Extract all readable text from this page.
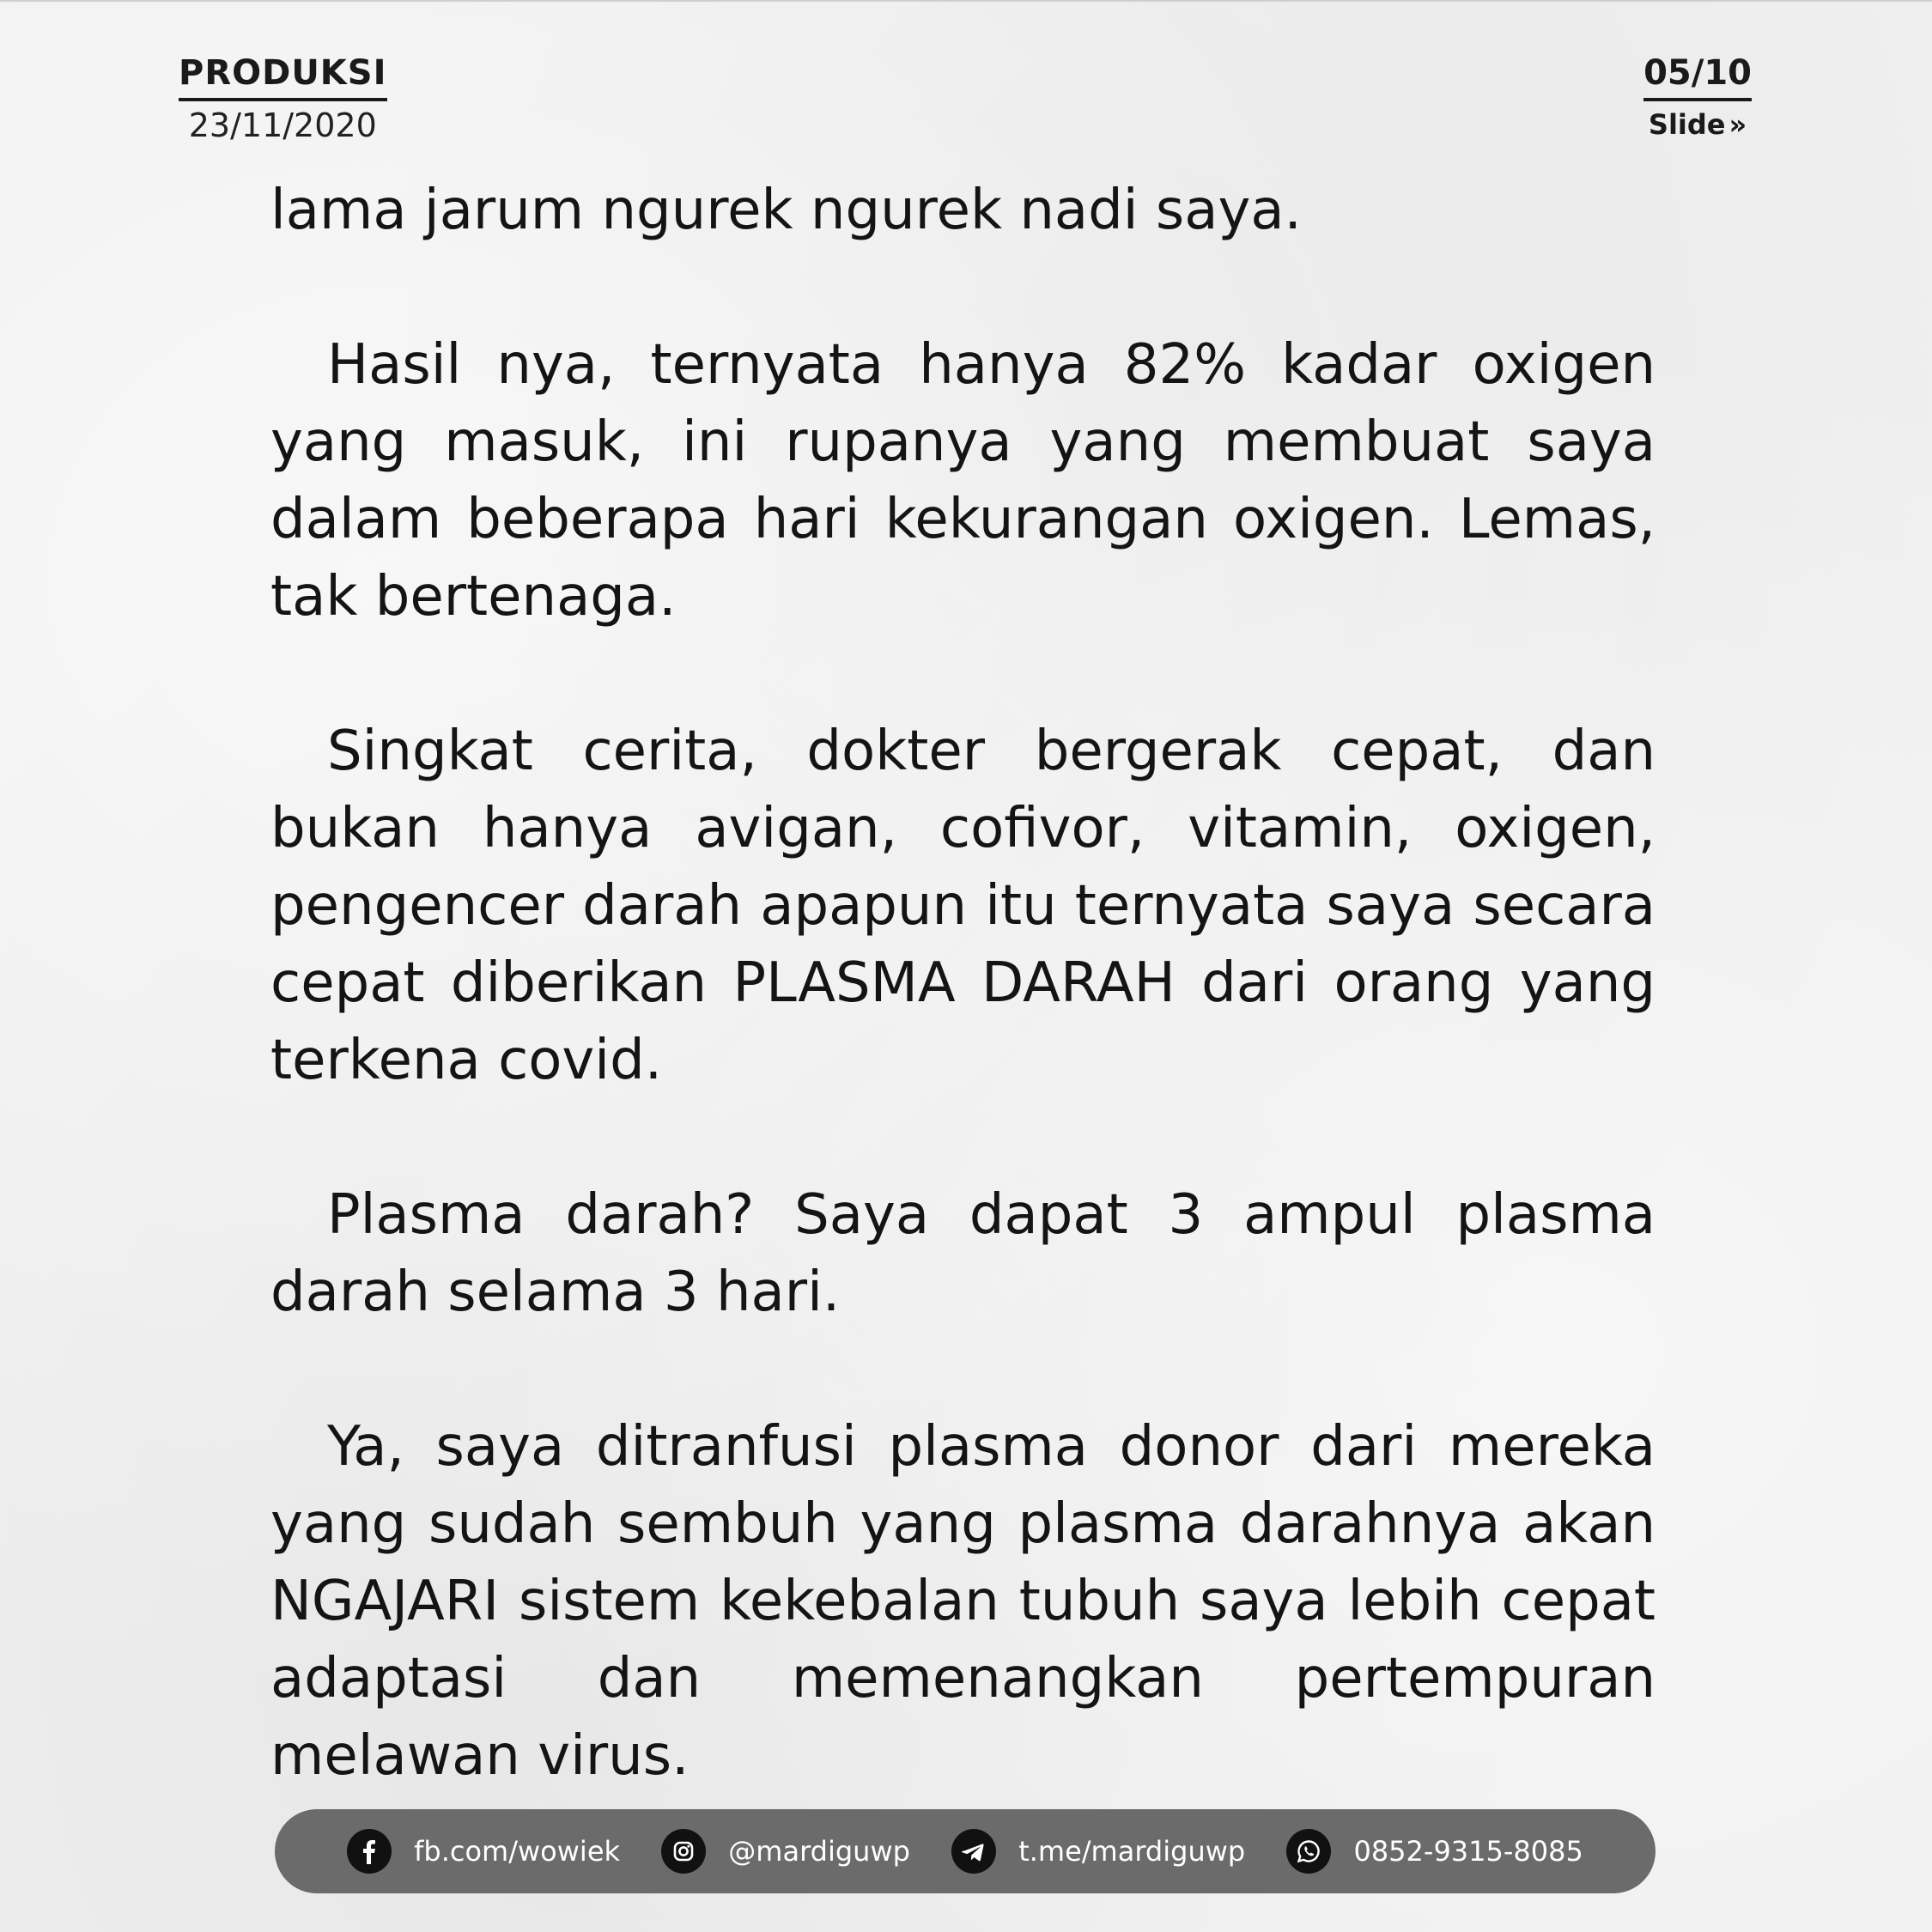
PRODUKSI
23/11/2020
05/10
Slide »

lama jarum ngurek ngurek nadi saya.

Hasil nya, ternyata hanya 82% kadar oxigen yang masuk, ini rupanya yang membuat saya dalam beberapa hari kekurangan oxigen. Lemas, tak bertenaga.

Singkat cerita, dokter bergerak cepat, dan bukan hanya avigan, cofivor, vitamin, oxigen, pengencer darah apapun itu ternyata saya secara cepat diberikan PLASMA DARAH dari orang yang terkena covid.

Plasma darah? Saya dapat 3 ampul plasma darah selama 3 hari.

Ya, saya ditranfusi plasma donor dari mereka yang sudah sembuh yang plasma darahnya akan NGAJARI sistem kekebalan tubuh saya lebih cepat adaptasi dan memenangkan pertempuran melawan virus.

fb.com/wowiek	@mardiguwp	t.me/mardiguwp	0852-9315-8085
